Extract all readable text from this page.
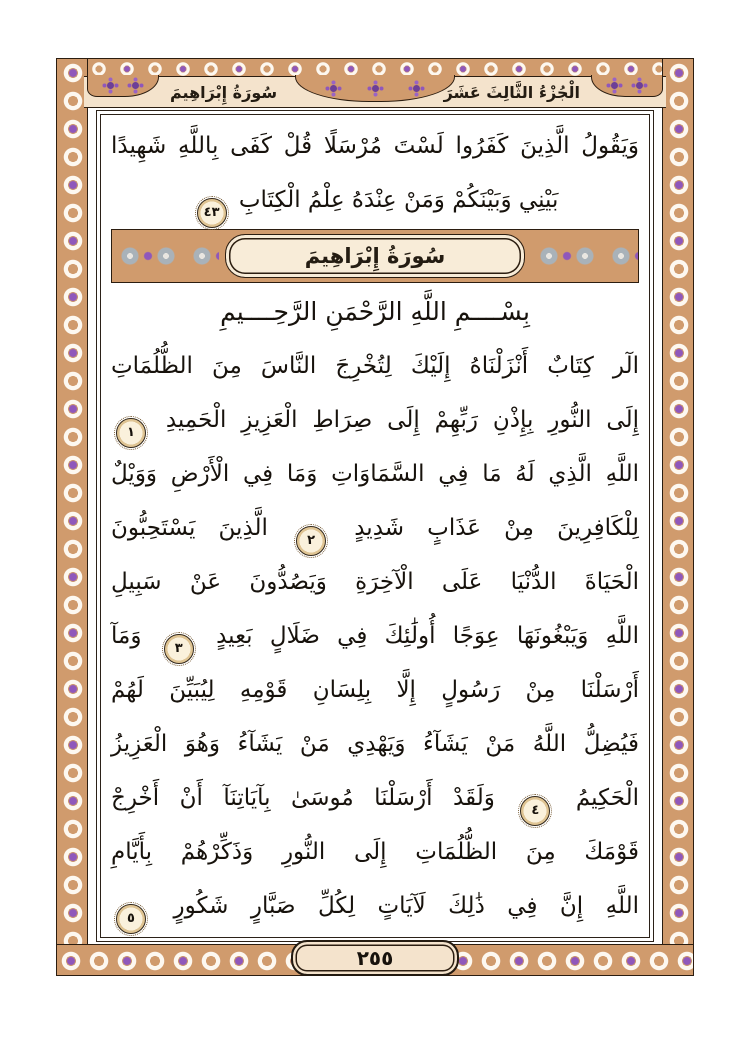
الْجُزْءُ الثَّالِثَ عَشَرَ
سُورَةُ إِبْرَاهِيمَ
وَيَقُولُ الَّذِينَ كَفَرُوا لَسْتَ مُرْسَلًا قُلْ كَفَى بِاللَّهِ شَهِيدًا
بَيْنِي وَبَيْنَكُمْ وَمَنْ عِنْدَهُ عِلْمُ الْكِتَابِ ٤٣
سُورَةُ إِبْرَاهِيمَ
بِسْــــمِ اللَّهِ الرَّحْمَنِ الرَّحِــــيمِ
الٓر كِتَابٌ أَنْزَلْنَاهُ إِلَيْكَ لِتُخْرِجَ النَّاسَ مِنَ الظُّلُمَاتِ
إِلَى النُّورِ بِإِذْنِ رَبِّهِمْ إِلَى صِرَاطِ الْعَزِيزِ الْحَمِيدِ ١
اللَّهِ الَّذِي لَهُ مَا فِي السَّمَاوَاتِ وَمَا فِي الْأَرْضِ وَوَيْلٌ
لِلْكَافِرِينَ مِنْ عَذَابٍ شَدِيدٍ ٢ الَّذِينَ يَسْتَحِبُّونَ
الْحَيَاةَ الدُّنْيَا عَلَى الْآخِرَةِ وَيَصُدُّونَ عَنْ سَبِيلِ
اللَّهِ وَيَبْغُونَهَا عِوَجًا أُولَٰئِكَ فِي ضَلَالٍ بَعِيدٍ ٣ وَمَآ
أَرْسَلْنَا مِنْ رَسُولٍ إِلَّا بِلِسَانِ قَوْمِهِ لِيُبَيِّنَ لَهُمْ
فَيُضِلُّ اللَّهُ مَنْ يَشَآءُ وَيَهْدِي مَنْ يَشَآءُ وَهُوَ الْعَزِيزُ
الْحَكِيمُ ٤ وَلَقَدْ أَرْسَلْنَا مُوسَىٰ بِآيَاتِنَآ أَنْ أَخْرِجْ
قَوْمَكَ مِنَ الظُّلُمَاتِ إِلَى النُّورِ وَذَكِّرْهُمْ بِأَيَّامِ
اللَّهِ إِنَّ فِي ذَٰلِكَ لَآيَاتٍ لِكُلِّ صَبَّارٍ شَكُورٍ ٥
٢٥٥
